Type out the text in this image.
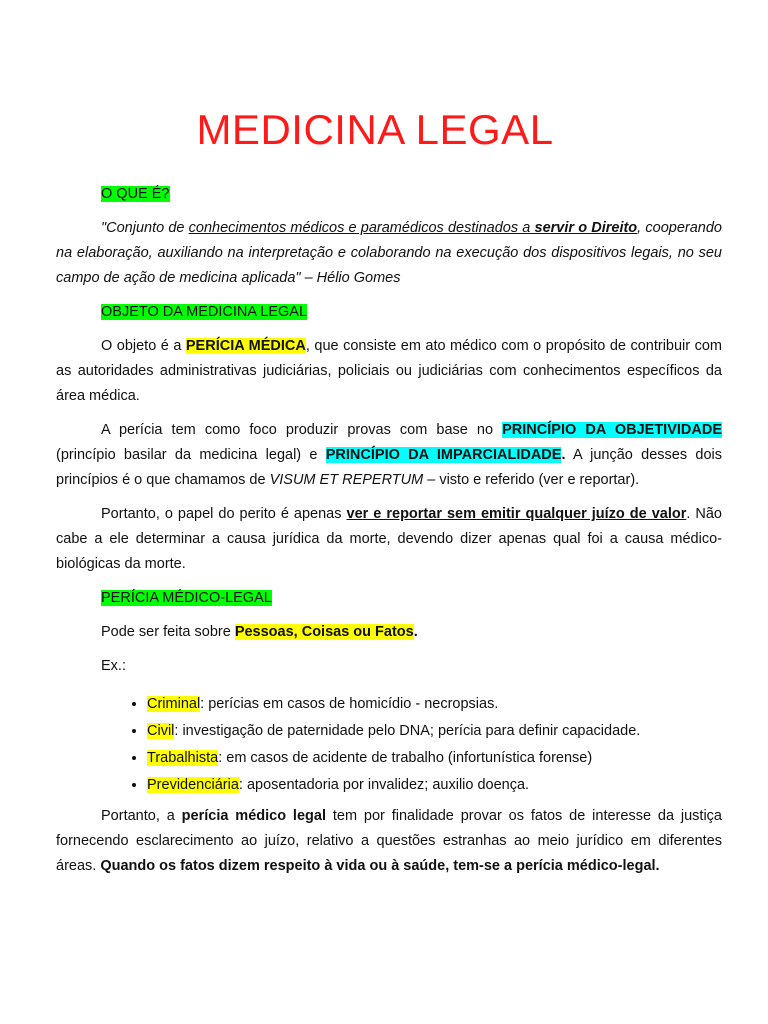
MEDICINA LEGAL

O QUE É?

"Conjunto de conhecimentos médicos e paramédicos destinados a servir o Direito, cooperando na elaboração, auxiliando na interpretação e colaborando na execução dos dispositivos legais, no seu campo de ação de medicina aplicada" – Hélio Gomes

OBJETO DA MEDICINA LEGAL

O objeto é a PERÍCIA MÉDICA, que consiste em ato médico com o propósito de contribuir com as autoridades administrativas judiciárias, policiais ou judiciárias com conhecimentos específicos da área médica.

A perícia tem como foco produzir provas com base no PRINCÍPIO DA OBJETIVIDADE (princípio basilar da medicina legal) e PRINCÍPIO DA IMPARCIALIDADE. A junção desses dois princípios é o que chamamos de VISUM ET REPERTUM – visto e referido (ver e reportar).

Portanto, o papel do perito é apenas ver e reportar sem emitir qualquer juízo de valor. Não cabe a ele determinar a causa jurídica da morte, devendo dizer apenas qual foi a causa médico-biológicas da morte.

PERÍCIA MÉDICO-LEGAL

Pode ser feita sobre Pessoas, Coisas ou Fatos.

Ex.:

• Criminal: perícias em casos de homicídio - necropsias.
• Civil: investigação de paternidade pelo DNA; perícia para definir capacidade.
• Trabalhista: em casos de acidente de trabalho (infortunística forense)
• Previdenciária: aposentadoria por invalidez; auxilio doença.

Portanto, a perícia médico legal tem por finalidade provar os fatos de interesse da justiça fornecendo esclarecimento ao juízo, relativo a questões estranhas ao meio jurídico em diferentes áreas. Quando os fatos dizem respeito à vida ou à saúde, tem-se a perícia médico-legal.
